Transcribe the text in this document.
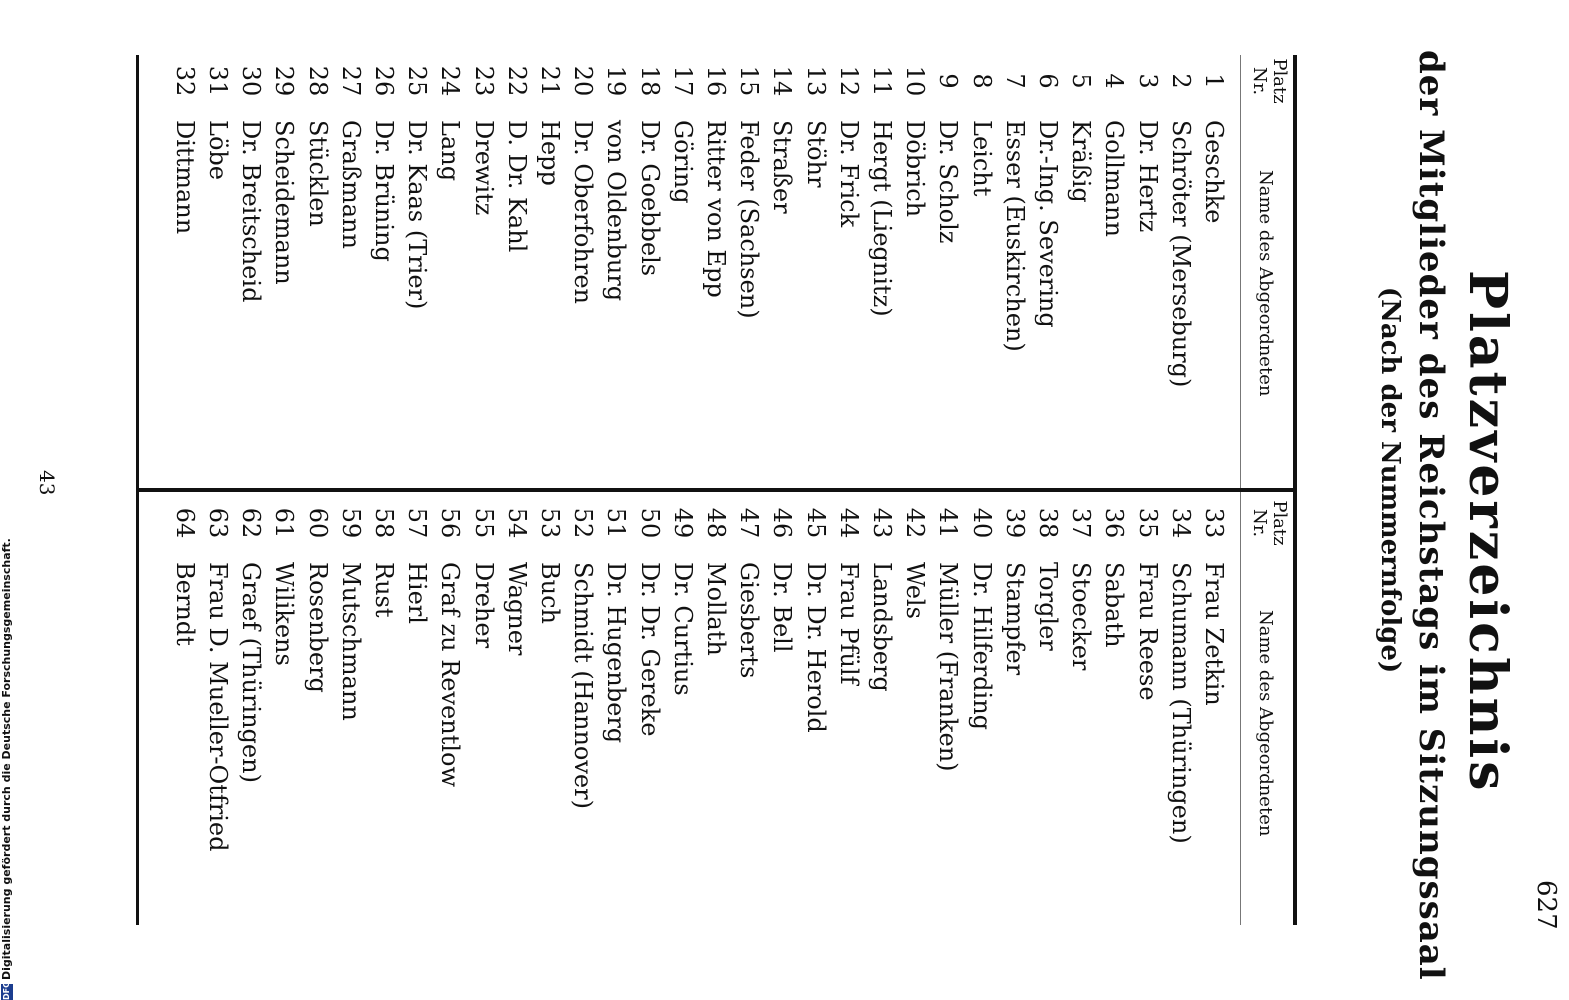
627
Platzverzeichnis
der Mitglieder des Reichstags im Sitzungssaal
(Nach der Nummernfolge)
Platz Nr.
Name des Abgeordneten
Platz Nr.
Name des Abgeordneten
1
Geschke
2
Schröter (Merseburg)
3
Dr. Hertz
4
Gollmann
5
Kräßig
6
Dr.-Ing. Severing
7
Esser (Euskirchen)
8
Leicht
9
Dr. Scholz
10
Döbrich
11
Hergt (Liegnitz)
12
Dr. Frick
13
Stöhr
14
Straßer
15
Feder (Sachsen)
16
Ritter von Epp
17
Göring
18
Dr. Goebbels
19
von Oldenburg
20
Dr. Oberfohren
21
Hepp
22
D. Dr. Kahl
23
Drewitz
24
Lang
25
Dr. Kaas (Trier)
26
Dr. Brüning
27
Graßmann
28
Stücklen
29
Scheidemann
30
Dr. Breitscheid
31
Löbe
32
Dittmann
33
Frau Zetkin
34
Schumann (Thüringen)
35
Frau Reese
36
Sabath
37
Stoecker
38
Torgler
39
Stampfer
40
Dr. Hilferding
41
Müller (Franken)
42
Wels
43
Landsberg
44
Frau Pfülf
45
Dr. Dr. Herold
46
Dr. Bell
47
Giesberts
48
Mollath
49
Dr. Curtius
50
Dr. Dr. Gereke
51
Dr. Hugenberg
52
Schmidt (Hannover)
53
Buch
54
Wagner
55
Dreher
56
Graf zu Reventlow
57
Hierl
58
Rust
59
Mutschmann
60
Rosenberg
61
Wilikens
62
Graef (Thüringen)
63
Frau D. Mueller-Otfried
64
Berndt
43
DFG
Digitalisierung gefördert durch die Deutsche Forschungsgemeinschaft.
